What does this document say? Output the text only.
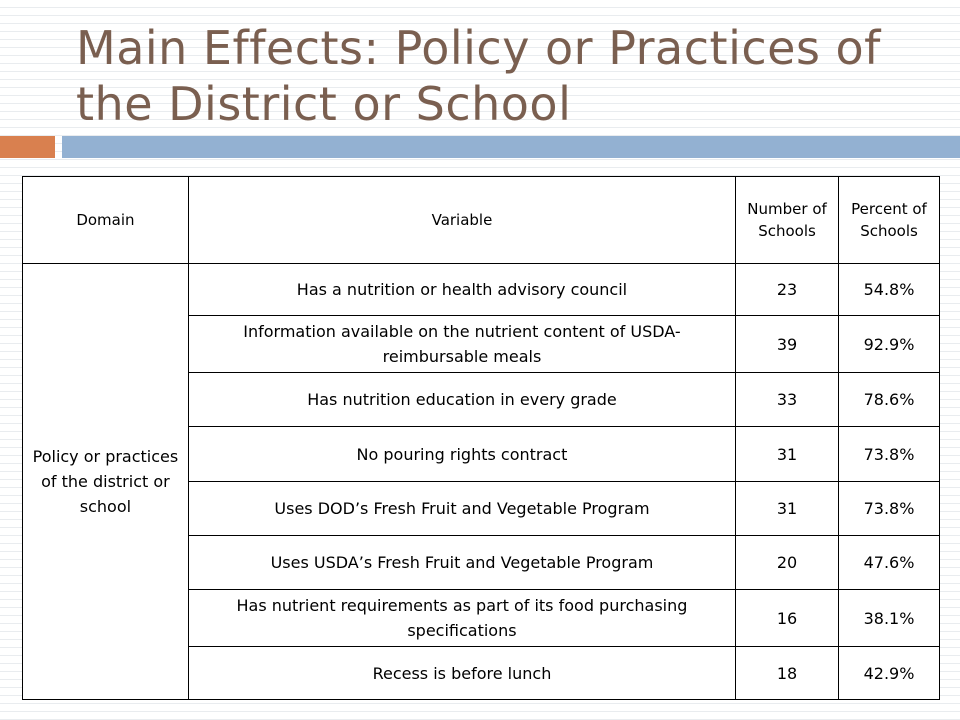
Main Effects: Policy or Practices of the District or School
Domain	Variable	Number of Schools	Percent of Schools
Policy or practices of the district or school	Has a nutrition or health advisory council	23	54.8%
	Information available on the nutrient content of USDA-reimbursable meals	39	92.9%
	Has nutrition education in every grade	33	78.6%
	No pouring rights contract	31	73.8%
	Uses DOD’s Fresh Fruit and Vegetable Program	31	73.8%
	Uses USDA’s Fresh Fruit and Vegetable Program	20	47.6%
	Has nutrient requirements as part of its food purchasing specifications	16	38.1%
	Recess is before lunch	18	42.9%
